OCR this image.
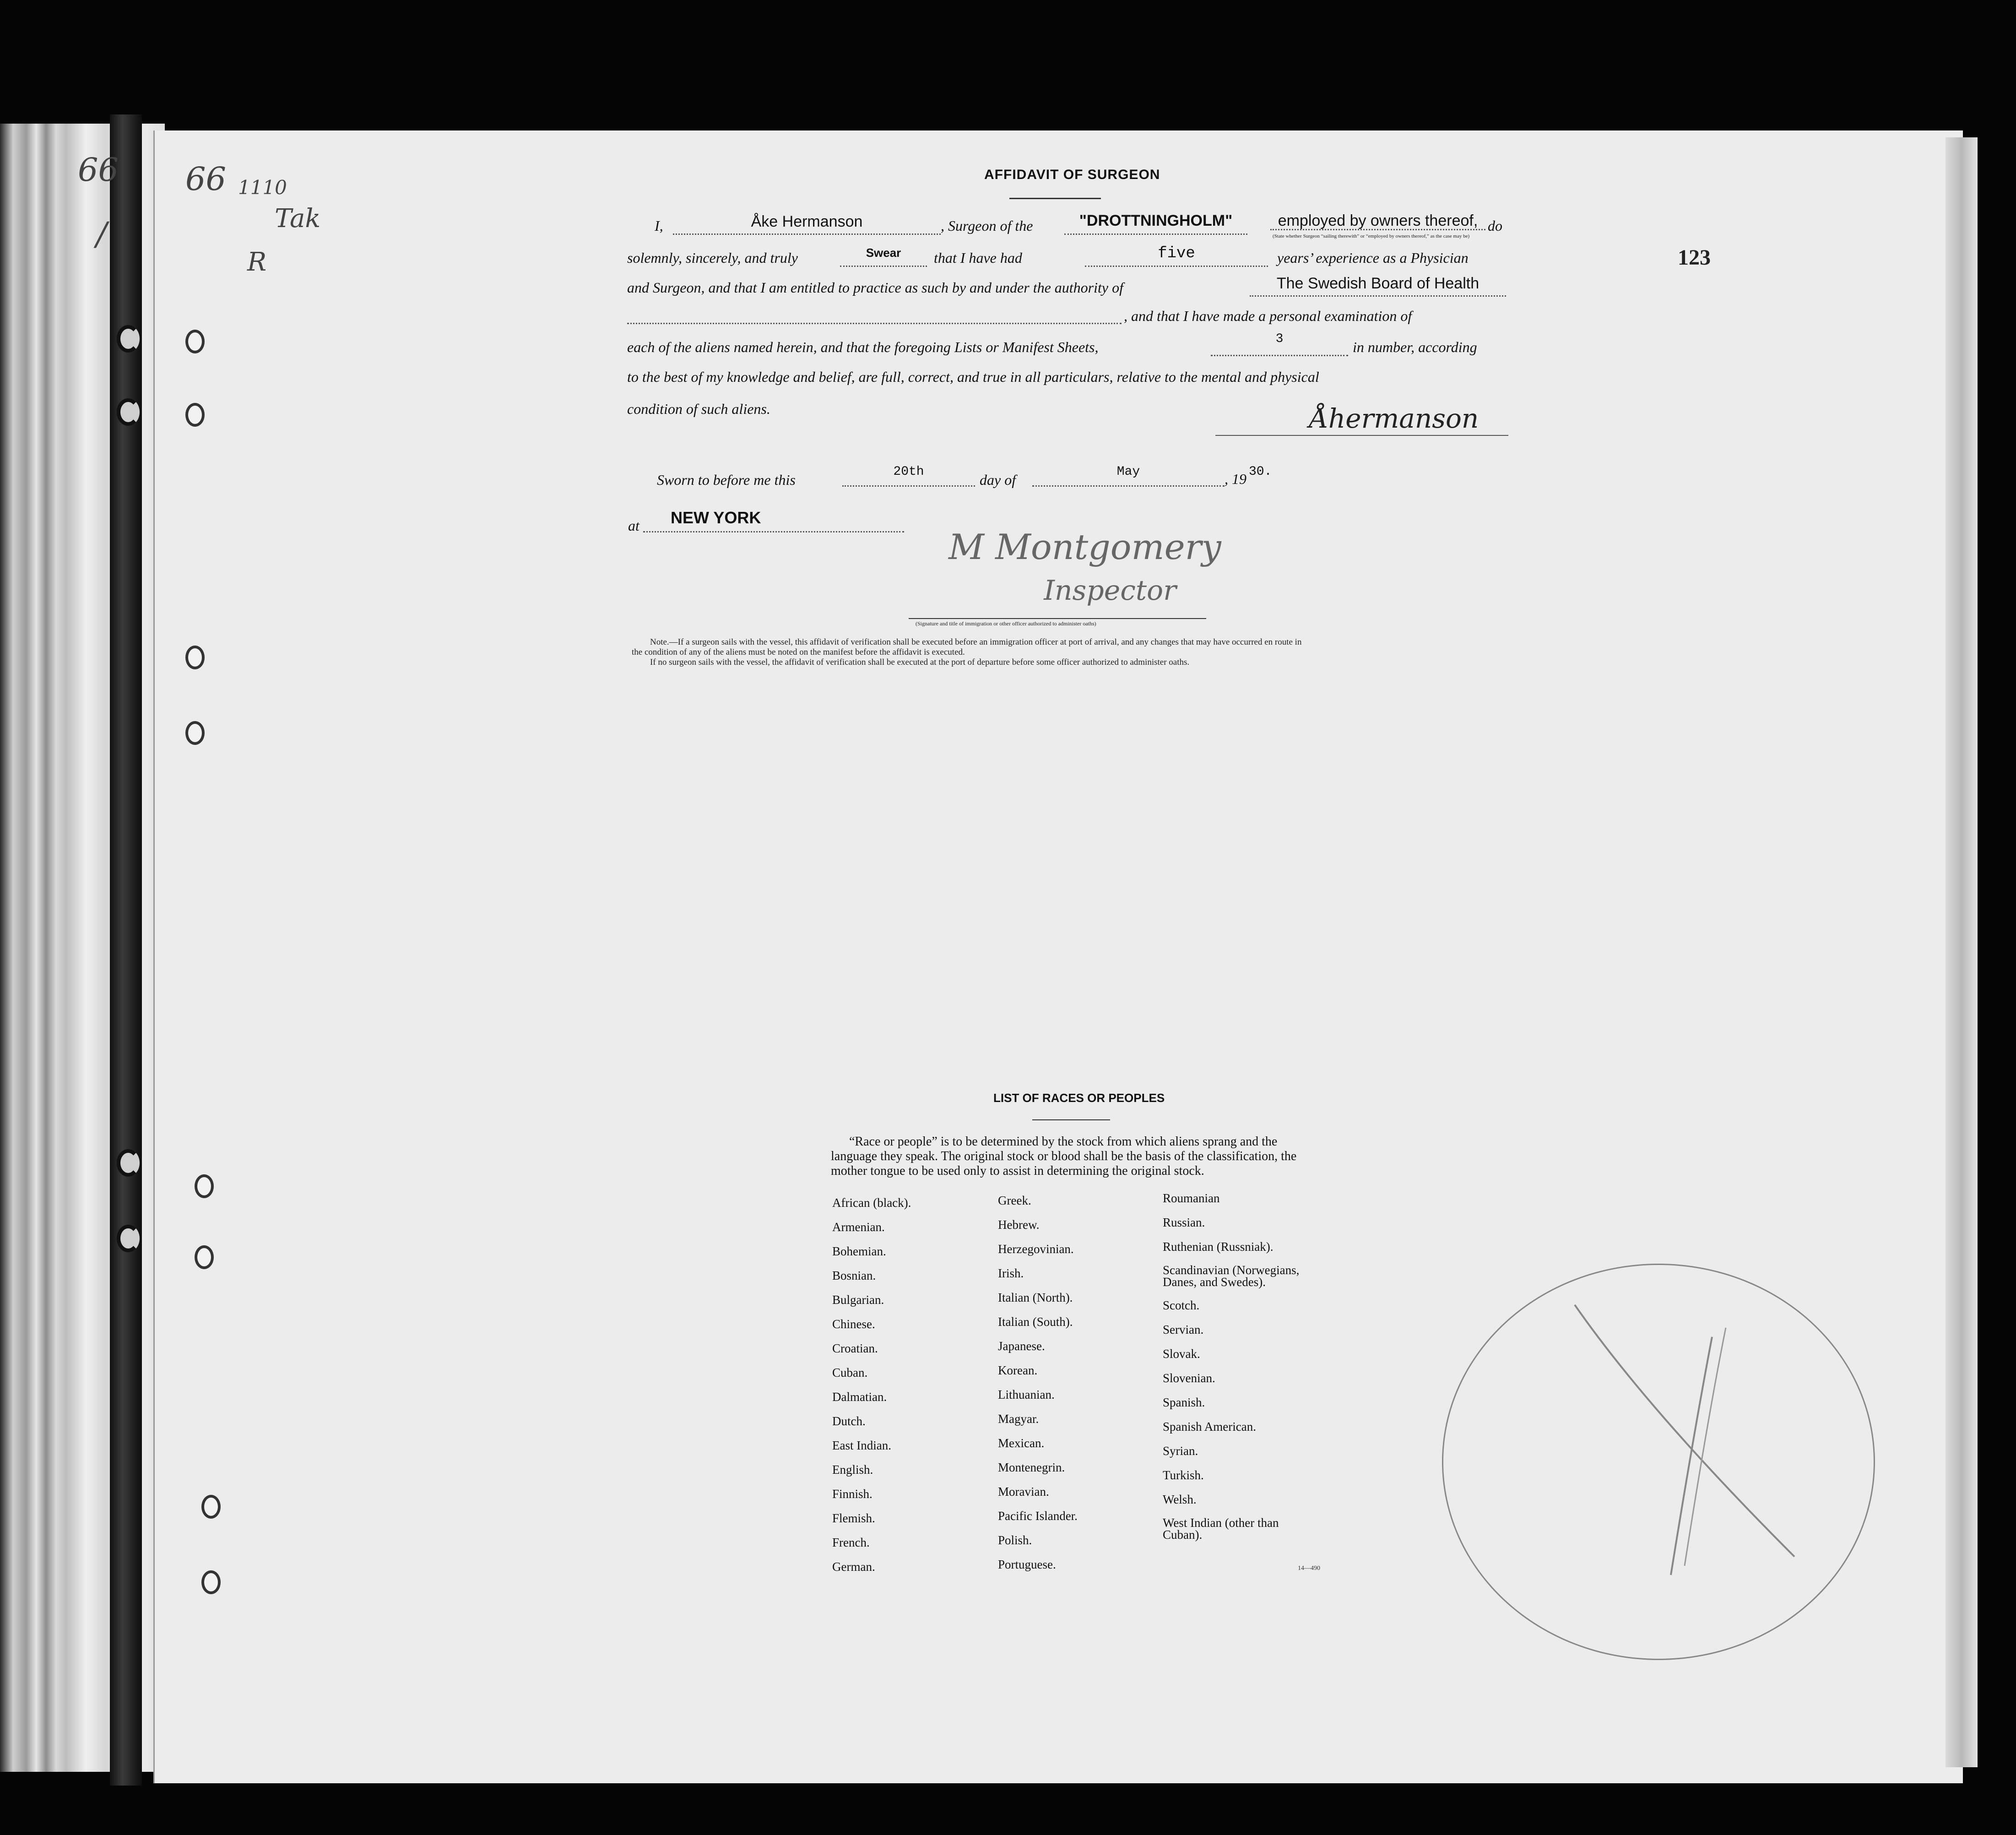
66 66
/
1110
Tak
R	123
AFFIDAVIT OF SURGEON
I,	Åke Hermanson	, Surgeon of the	"DROTTNINGHOLM"	employed by owners thereof,
(State whether Surgeon “sailing therewith” or “employed by owners thereof,” as the case may be)
do
solemnly, sincerely, and truly	Swear	that I have had	five	years’ experience as a Physician
and Surgeon, and that I am entitled to practice as such by and under the authority of	The Swedish Board of Health
, and that I have made a personal examination of
each of the aliens named herein, and that the foregoing Lists or Manifest Sheets,	3	in number, according
to the best of my knowledge and belief, are full, correct, and true in all particulars, relative to the mental and physical
condition of such aliens.	Åhermanson
Sworn to before me this	20th	day of	May	, 19 30.
at NEW YORK
M Montgomery
Inspector
(Signature and title of immigration or other officer authorized to administer oaths)
Note.—If a surgeon sails with the vessel, this affidavit of verification shall be executed before an immigration officer at port of arrival, and any changes that may have occurred en route in
the condition of any of the aliens must be noted on the manifest before the affidavit is executed.
If no surgeon sails with the vessel, the affidavit of verification shall be executed at the port of departure before some officer authorized to administer oaths.
LIST OF RACES OR PEOPLES
“Race or people” is to be determined by the stock from which aliens sprang and the language they speak. The original stock or blood shall be the basis of the classification, the mother tongue to be used only to assist in determining the original stock.
African (black).
Armenian.
Bohemian.
Bosnian.
Bulgarian.
Chinese.
Croatian.
Cuban.
Dalmatian.
Dutch.
East Indian.
English.
Finnish.
Flemish.
French.
German.
Greek.
Hebrew.
Herzegovinian.
Irish.
Italian (North).
Italian (South).
Japanese.
Korean.
Lithuanian.
Magyar.
Mexican.
Montenegrin.
Moravian.
Pacific Islander.
Polish.
Portuguese.
Roumanian
Russian.
Ruthenian (Russniak).
Scandinavian (Norwegians, Danes, and Swedes).
Scotch.
Servian.
Slovak.
Slovenian.
Spanish.
Spanish American.
Syrian.
Turkish.
Welsh.
West Indian (other than Cuban).
14—490
